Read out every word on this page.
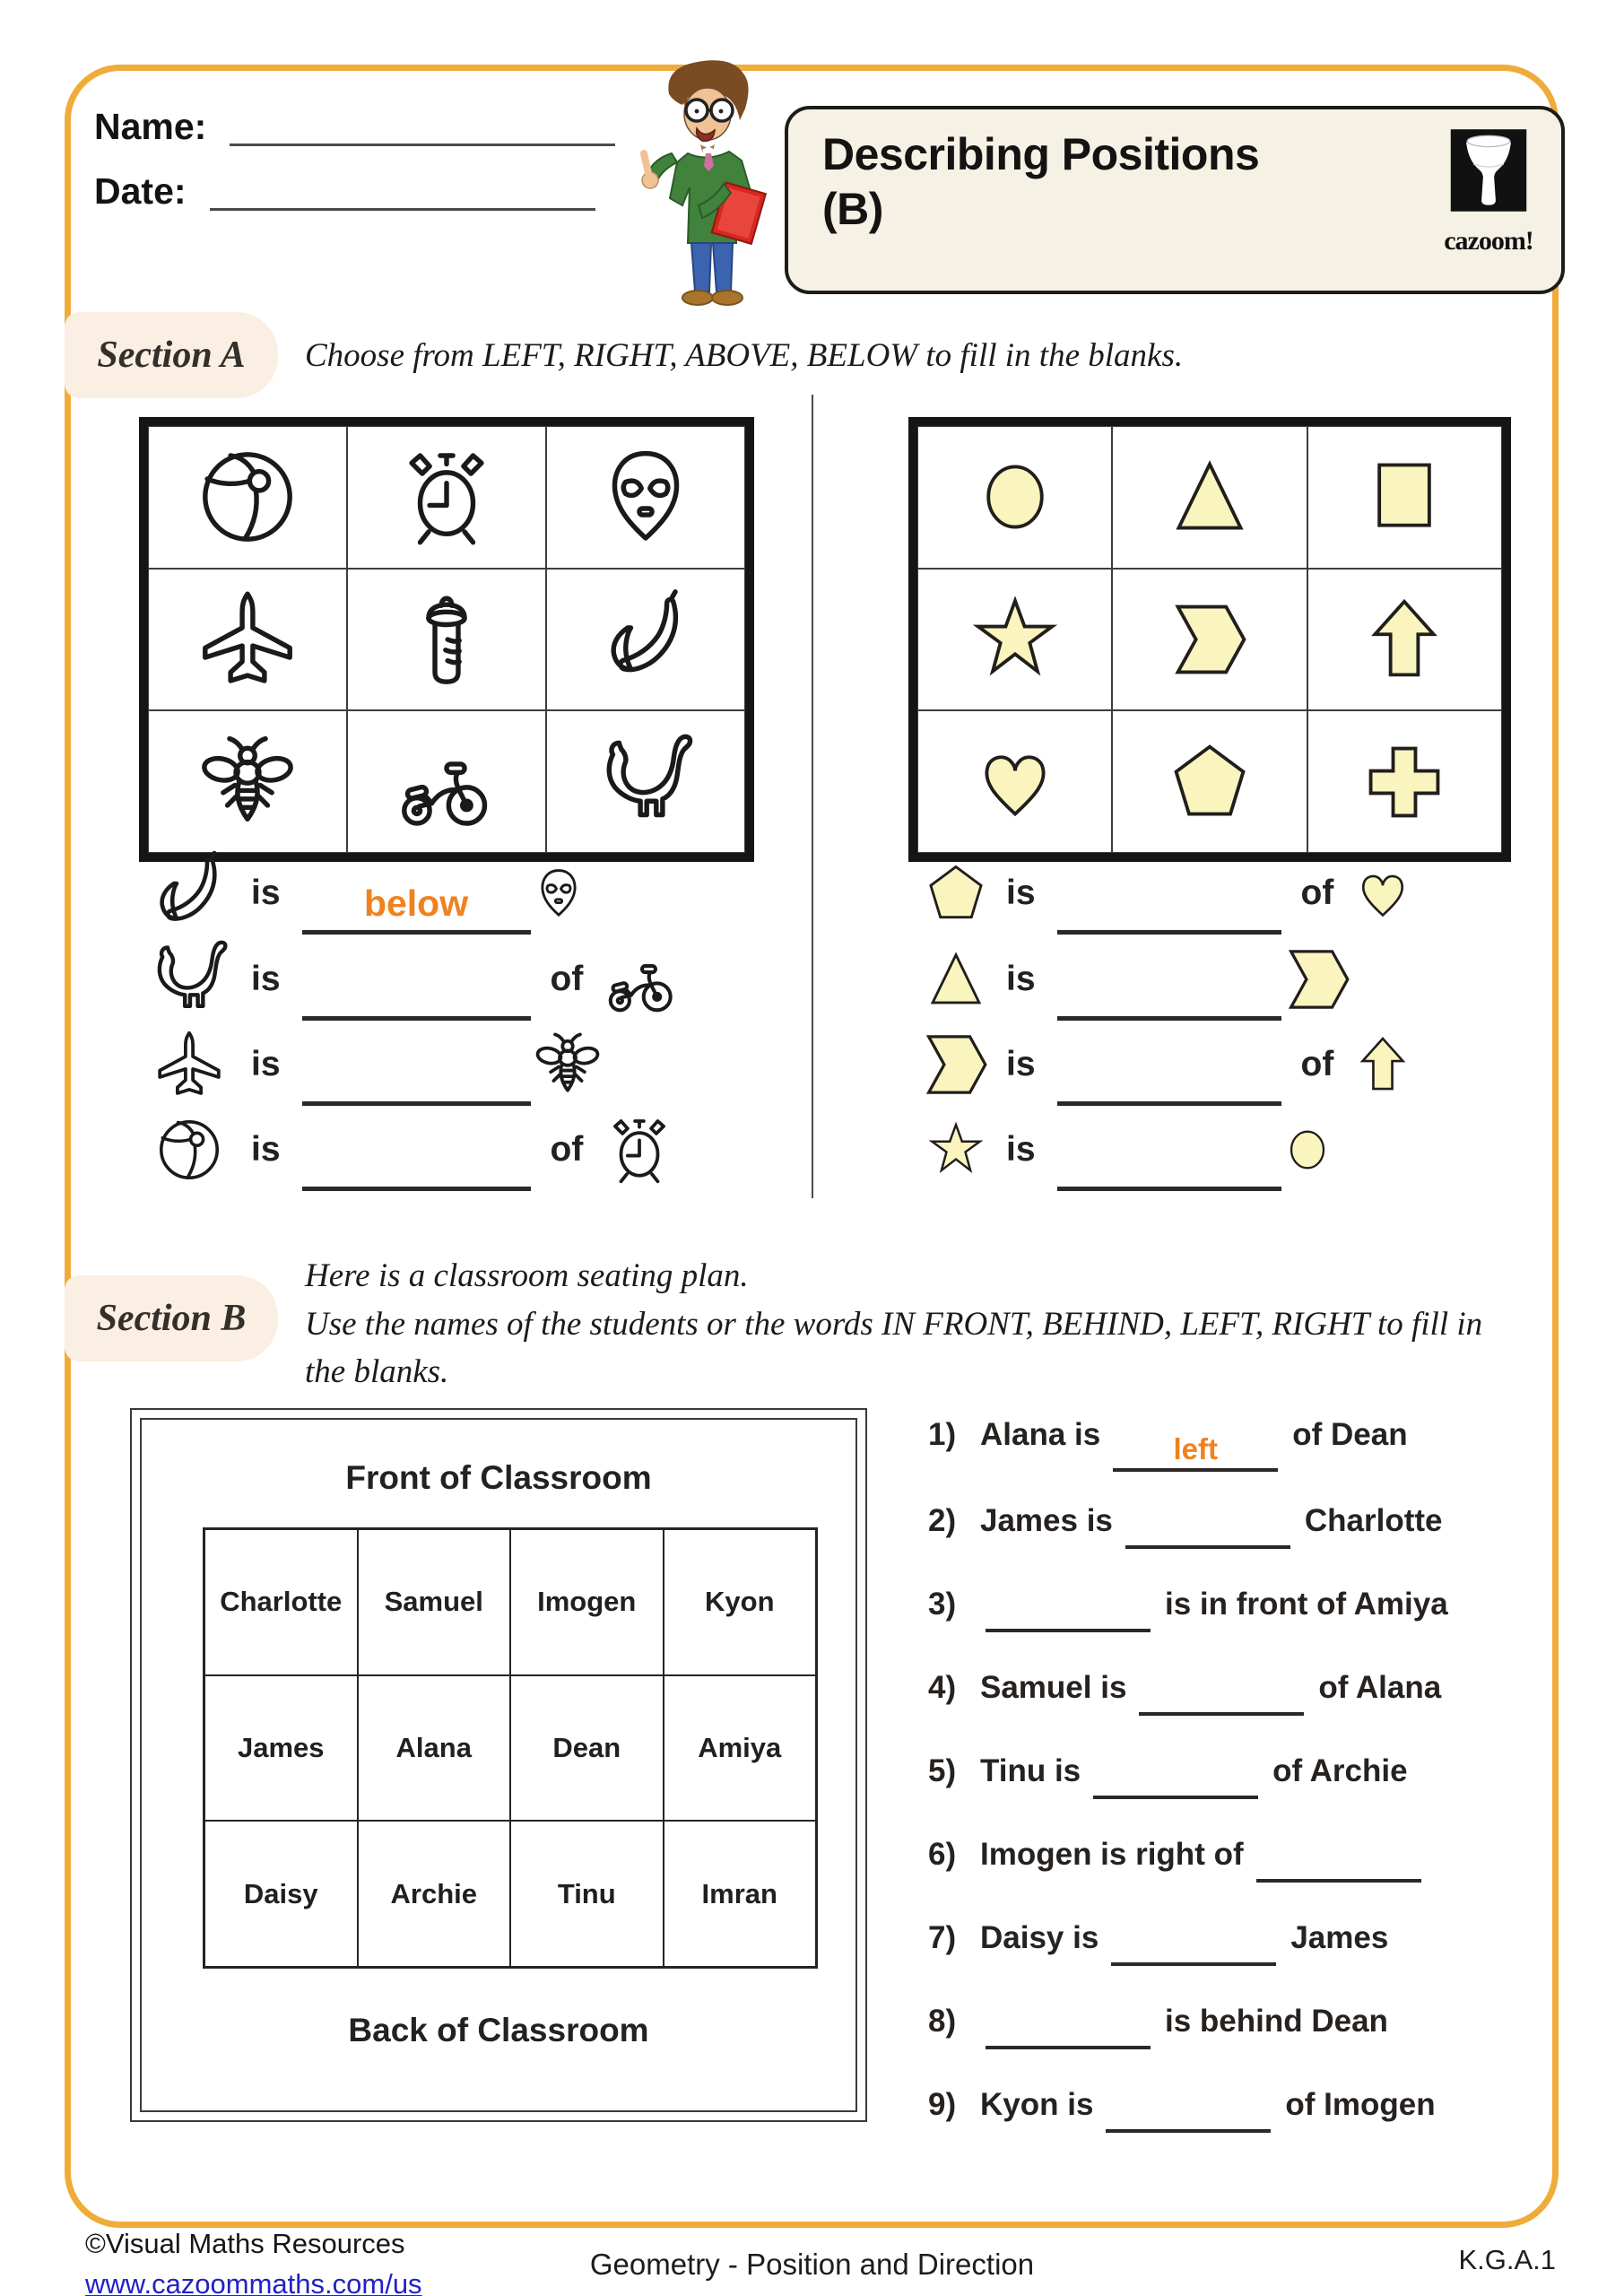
Name:
Date:
Describing Positions
(B)
cazoom!
Section A	Choose from LEFT, RIGHT, ABOVE, BELOW to fill in the blanks.
is below
is	of
is
is	of
is	of
is
is	of
is
Section B
Here is a classroom seating plan.
Use the names of the students or the words IN FRONT, BEHIND, LEFT, RIGHT to fill in the blanks.
Front of Classroom
Charlotte	Samuel	Imogen	Kyon
James	Alana	Dean	Amiya
Daisy	Archie	Tinu	Imran
Back of Classroom
1) Alana is left of Dean
2) James is	Charlotte
3)	is in front of Amiya
4) Samuel is	of Alana
5) Tinu is	of Archie
6) Imogen is right of
7) Daisy is	James
8)	is behind Dean
9) Kyon is	of Imogen
©Visual Maths Resources
www.cazoommaths.com/us
Geometry - Position and Direction	K.G.A.1
